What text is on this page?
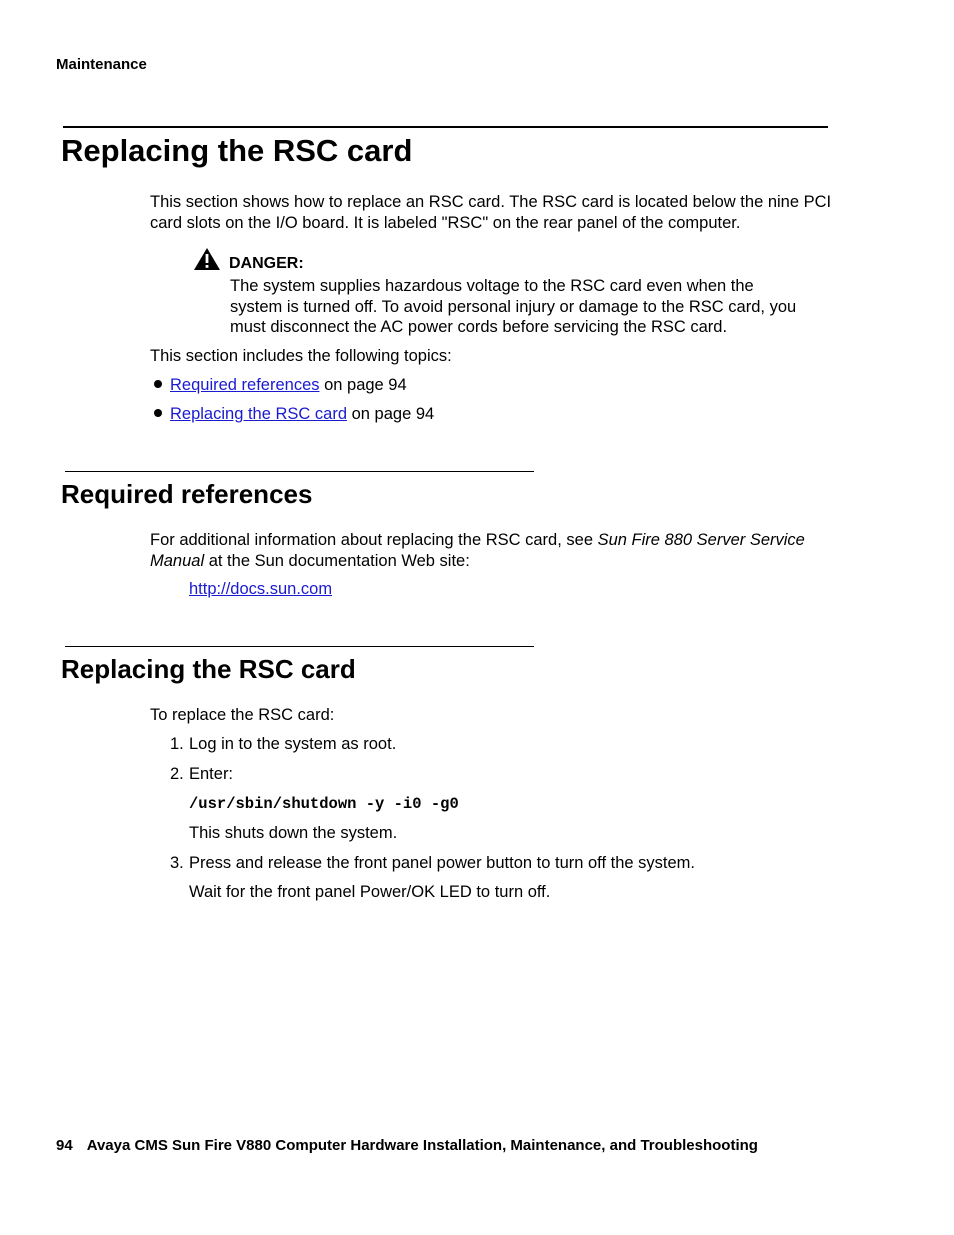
Maintenance
Replacing the RSC card

This section shows how to replace an RSC card. The RSC card is located below the nine PCI card slots on the I/O board. It is labeled "RSC" on the rear panel of the computer.

DANGER:

The system supplies hazardous voltage to the RSC card even when the system is turned off. To avoid personal injury or damage to the RSC card, you must disconnect the AC power cords before servicing the RSC card.

This section includes the following topics:

Required references on page 94
Replacing the RSC card on page 94
Required references

For additional information about replacing the RSC card, see Sun Fire 880 Server Service Manual at the Sun documentation Web site:

http://docs.sun.com
Replacing the RSC card

To replace the RSC card:

1. Log in to the system as root.
2. Enter:
/usr/sbin/shutdown -y -i0 -g0
This shuts down the system.
3. Press and release the front panel power button to turn off the system.
Wait for the front panel Power/OK LED to turn off.
94 Avaya CMS Sun Fire V880 Computer Hardware Installation, Maintenance, and Troubleshooting
